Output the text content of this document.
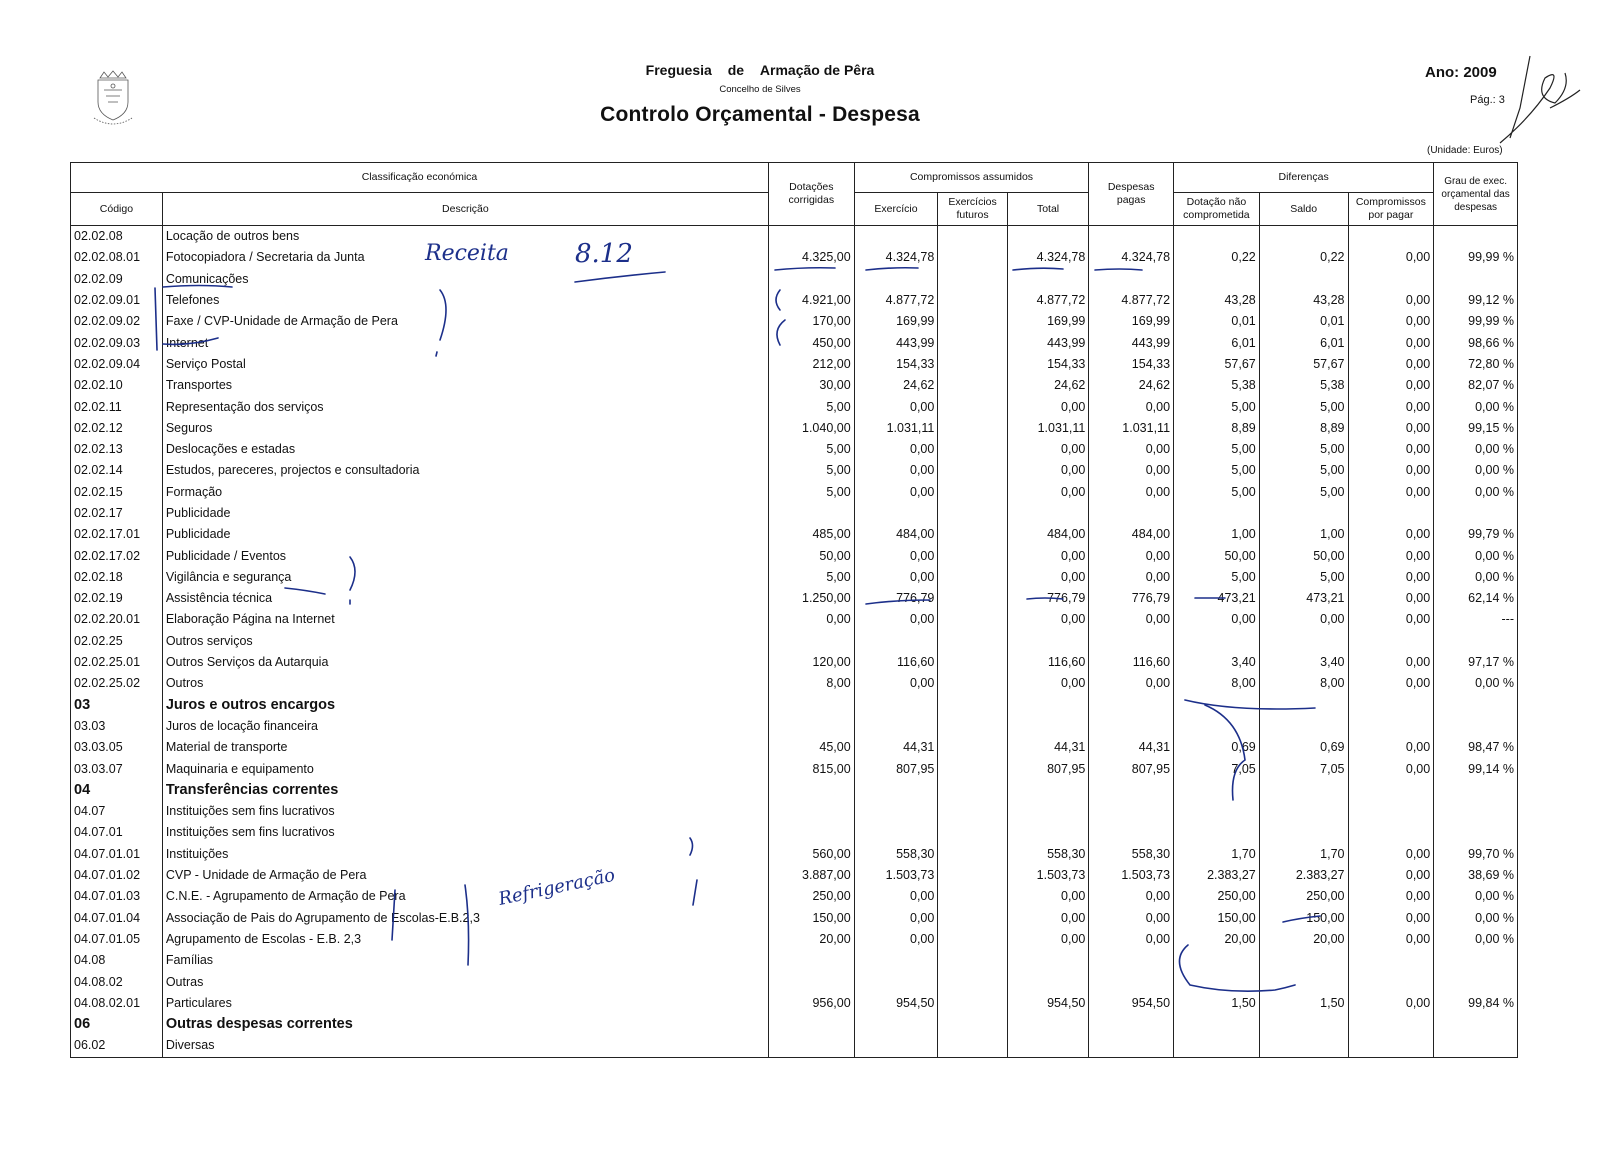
Freguesia de Armação de Pêra
Concelho de Silves
Controlo Orçamental - Despesa
Ano: 2009
Pág.: 3
(Unidade: Euros)
Classificação económica		Dotações corrigidas	Compromissos assumidos			Despesas pagas	Diferenças			Grau de exec. orçamental das despesas
Código	Descrição		Exercício	Exercícios futuros	Total		Dotação não comprometida	Saldo	Compromissos por pagar	
02.02.08	Locação de outros bens									
02.02.08.01	Fotocopiadora / Secretaria da Junta	4.325,00	4.324,78		4.324,78	4.324,78	0,22	0,22	0,00	99,99 %
02.02.09	Comunicações									
02.02.09.01	Telefones	4.921,00	4.877,72		4.877,72	4.877,72	43,28	43,28	0,00	99,12 %
02.02.09.02	Faxe / CVP-Unidade de Armação de Pera	170,00	169,99		169,99	169,99	0,01	0,01	0,00	99,99 %
02.02.09.03	Internet	450,00	443,99		443,99	443,99	6,01	6,01	0,00	98,66 %
02.02.09.04	Serviço Postal	212,00	154,33		154,33	154,33	57,67	57,67	0,00	72,80 %
02.02.10	Transportes	30,00	24,62		24,62	24,62	5,38	5,38	0,00	82,07 %
02.02.11	Representação dos serviços	5,00	0,00		0,00	0,00	5,00	5,00	0,00	0,00 %
02.02.12	Seguros	1.040,00	1.031,11		1.031,11	1.031,11	8,89	8,89	0,00	99,15 %
02.02.13	Deslocações e estadas	5,00	0,00		0,00	0,00	5,00	5,00	0,00	0,00 %
02.02.14	Estudos, pareceres, projectos e consultadoria	5,00	0,00		0,00	0,00	5,00	5,00	0,00	0,00 %
02.02.15	Formação	5,00	0,00		0,00	0,00	5,00	5,00	0,00	0,00 %
02.02.17	Publicidade									
02.02.17.01	Publicidade	485,00	484,00		484,00	484,00	1,00	1,00	0,00	99,79 %
02.02.17.02	Publicidade / Eventos	50,00	0,00		0,00	0,00	50,00	50,00	0,00	0,00 %
02.02.18	Vigilância e segurança	5,00	0,00		0,00	0,00	5,00	5,00	0,00	0,00 %
02.02.19	Assistência técnica	1.250,00	776,79		776,79	776,79	473,21	473,21	0,00	62,14 %
02.02.20.01	Elaboração Página na Internet	0,00	0,00		0,00	0,00	0,00	0,00	0,00	---
02.02.25	Outros serviços									
02.02.25.01	Outros Serviços da Autarquia	120,00	116,60		116,60	116,60	3,40	3,40	0,00	97,17 %
02.02.25.02	Outros	8,00	0,00		0,00	0,00	8,00	8,00	0,00	0,00 %
03	Juros e outros encargos									
03.03	Juros de locação financeira									
03.03.05	Material de transporte	45,00	44,31		44,31	44,31	0,69	0,69	0,00	98,47 %
03.03.07	Maquinaria e equipamento	815,00	807,95		807,95	807,95	7,05	7,05	0,00	99,14 %
04	Transferências correntes									
04.07	Instituições sem fins lucrativos									
04.07.01	Instituições sem fins lucrativos									
04.07.01.01	Instituições	560,00	558,30		558,30	558,30	1,70	1,70	0,00	99,70 %
04.07.01.02	CVP - Unidade de Armação de Pera	3.887,00	1.503,73		1.503,73	1.503,73	2.383,27	2.383,27	0,00	38,69 %
04.07.01.03	C.N.E. - Agrupamento de Armação de Pera	250,00	0,00		0,00	0,00	250,00	250,00	0,00	0,00 %
04.07.01.04	Associação de Pais do Agrupamento de Escolas-E.B.2,3	150,00	0,00		0,00	0,00	150,00	150,00	0,00	0,00 %
04.07.01.05	Agrupamento de Escolas - E.B. 2,3	20,00	0,00		0,00	0,00	20,00	20,00	0,00	0,00 %
04.08	Famílias									
04.08.02	Outras									
04.08.02.01	Particulares	956,00	954,50		954,50	954,50	1,50	1,50	0,00	99,84 %
06	Outras despesas correntes									
06.02	Diversas									
Receita	8.12
Refrigeração
